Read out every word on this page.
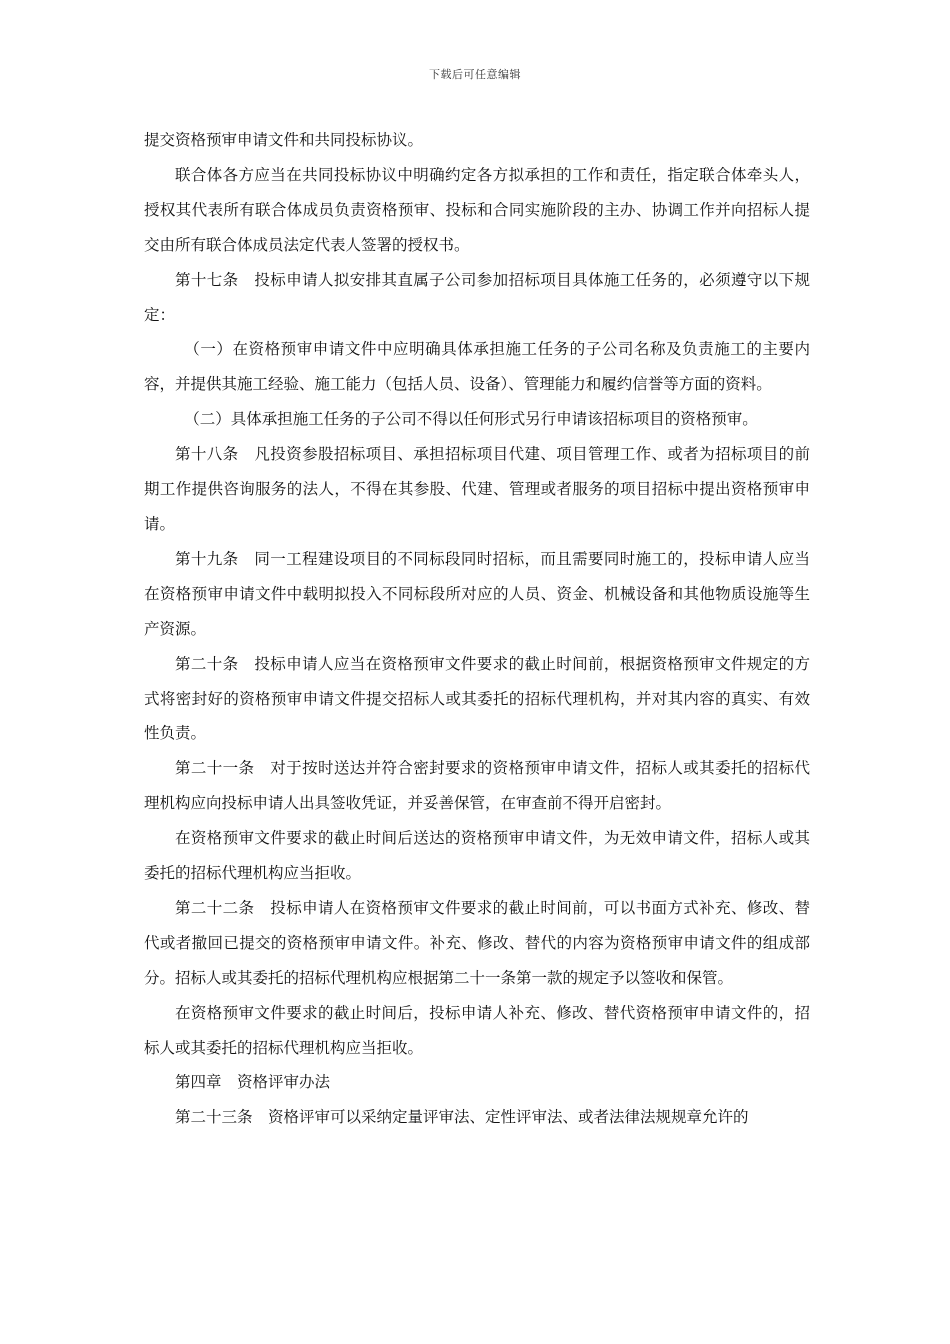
下载后可任意编辑

提交资格预审申请文件和共同投标协议。

联合体各方应当在共同投标协议中明确约定各方拟承担的工作和责任，指定联合体牵头人，授权其代表所有联合体成员负责资格预审、投标和合同实施阶段的主办、协调工作并向招标人提交由所有联合体成员法定代表人签署的授权书。

第十七条　投标申请人拟安排其直属子公司参加招标项目具体施工任务的，必须遵守以下规定：

（一）在资格预审申请文件中应明确具体承担施工任务的子公司名称及负责施工的主要内容，并提供其施工经验、施工能力（包括人员、设备）、管理能力和履约信誉等方面的资料。

（二）具体承担施工任务的子公司不得以任何形式另行申请该招标项目的资格预审。

第十八条　凡投资参股招标项目、承担招标项目代建、项目管理工作、或者为招标项目的前期工作提供咨询服务的法人，不得在其参股、代建、管理或者服务的项目招标中提出资格预审申请。

第十九条　同一工程建设项目的不同标段同时招标，而且需要同时施工的，投标申请人应当在资格预审申请文件中载明拟投入不同标段所对应的人员、资金、机械设备和其他物质设施等生产资源。

第二十条　投标申请人应当在资格预审文件要求的截止时间前，根据资格预审文件规定的方式将密封好的资格预审申请文件提交招标人或其委托的招标代理机构，并对其内容的真实、有效性负责。

第二十一条　对于按时送达并符合密封要求的资格预审申请文件，招标人或其委托的招标代理机构应向投标申请人出具签收凭证，并妥善保管，在审查前不得开启密封。

在资格预审文件要求的截止时间后送达的资格预审申请文件，为无效申请文件，招标人或其委托的招标代理机构应当拒收。

第二十二条　投标申请人在资格预审文件要求的截止时间前，可以书面方式补充、修改、替代或者撤回已提交的资格预审申请文件。补充、修改、替代的内容为资格预审申请文件的组成部分。招标人或其委托的招标代理机构应根据第二十一条第一款的规定予以签收和保管。

在资格预审文件要求的截止时间后，投标申请人补充、修改、替代资格预审申请文件的，招标人或其委托的招标代理机构应当拒收。

第四章　资格评审办法

第二十三条　资格评审可以采纳定量评审法、定性评审法、或者法律法规规章允许的
